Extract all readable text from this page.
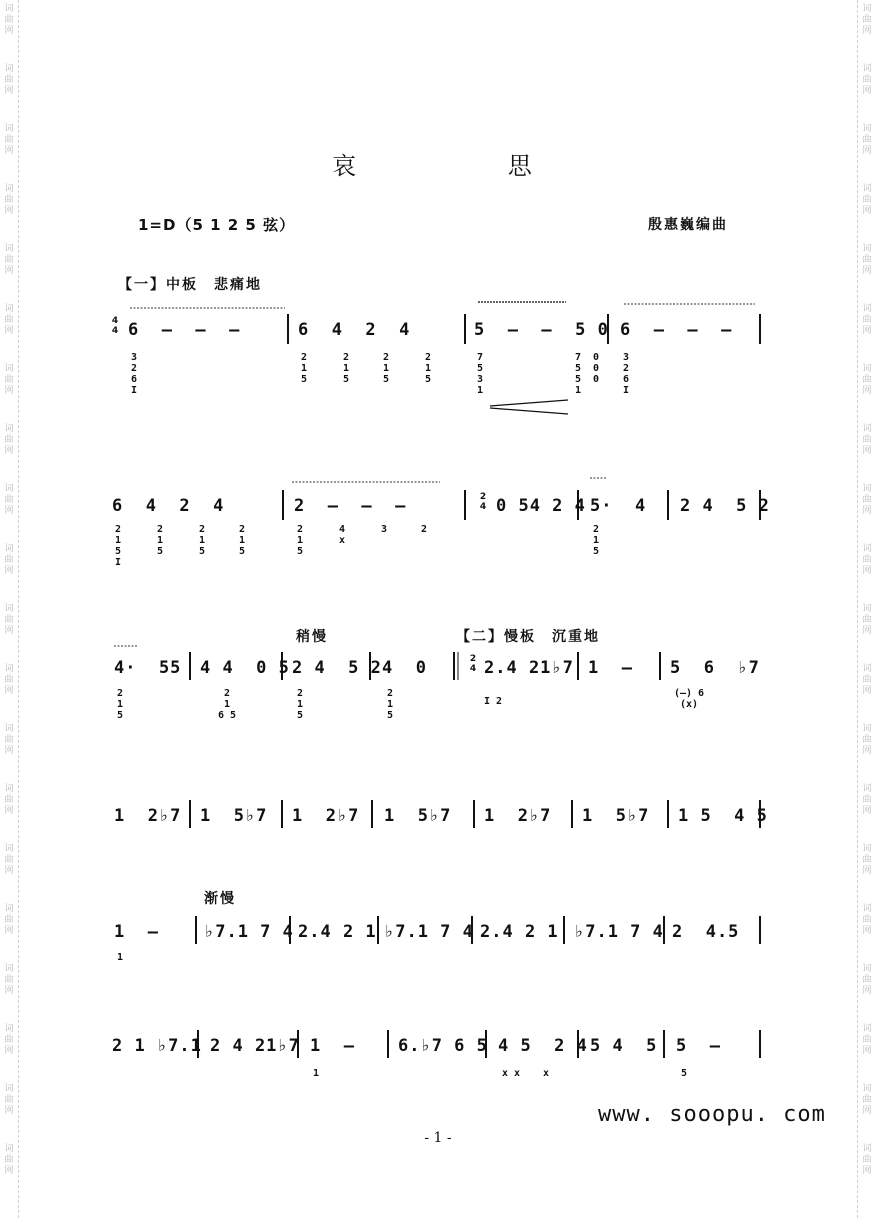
词
曲
网
词
曲
网
词
曲
网
词
曲
网
词
曲
网
词
曲
网
词
曲
网
词
曲
网
词
曲
网
词
曲
网
词
曲
网
词
曲
网
词
曲
网
词
曲
网
词
曲
网
词
曲
网
词
曲
网
词
曲
网
词
曲
网
词
曲
网
词
曲
网
词
曲
网
词
曲
网
词
曲
网
词
曲
网
词
曲
网
词
曲
网
词
曲
网
词
曲
网
词
曲
网
词
曲
网
词
曲
网
词
曲
网
词
曲
网
词
曲
网
词
曲
网
词
曲
网
词
曲
网
词
曲
网
词
曲
网
哀 思
1=D（5 1 2 5 弦）	殷惠巍编曲
【一】中板　悲痛地
稍慢	【二】慢板　沉重地
渐慢
4
4 6  –  –  –	6  4  2  4	5  –  –  5 0 6  –  –  –
3
2
6
I
2
1
5
2
1
5
2
1
5
2
1
5
7
5
3
1
7
5
5
1
0
0
0
3
2
6
I
6  4  2  4	2  –  –  –	2
4 0 54 2 4 5·  4 2 4  5 2
2
1
5
I
2
1
5
2
1
5
2
1
5
2
1
5
4
x
3	2	2
1
5
4·  55 4 4  0 5 2 4  5 2 4  0	2
4 2.4 21♭7 1  – 5  6  ♭7
2
1
5
2
1
6 5
2
1
5
2
1
5
I 2
(–) 6
(x)
1  2♭7 1  5♭7 1  2♭7 1  5♭7 1  2♭7 1  5♭7 1 5  4 5
1  –	♭7.1 7 4 2.4 2 1 ♭7.1 7 4 2.4 2 1 ♭7.1 7 4 2  4.5
1
2 1 ♭7.1 2 4 21♭7 1  –	6.♭7 6 5 4 5  2 4 5 4  5 5  –
1	x x	x	5
www. sooopu. com
- 1 -
